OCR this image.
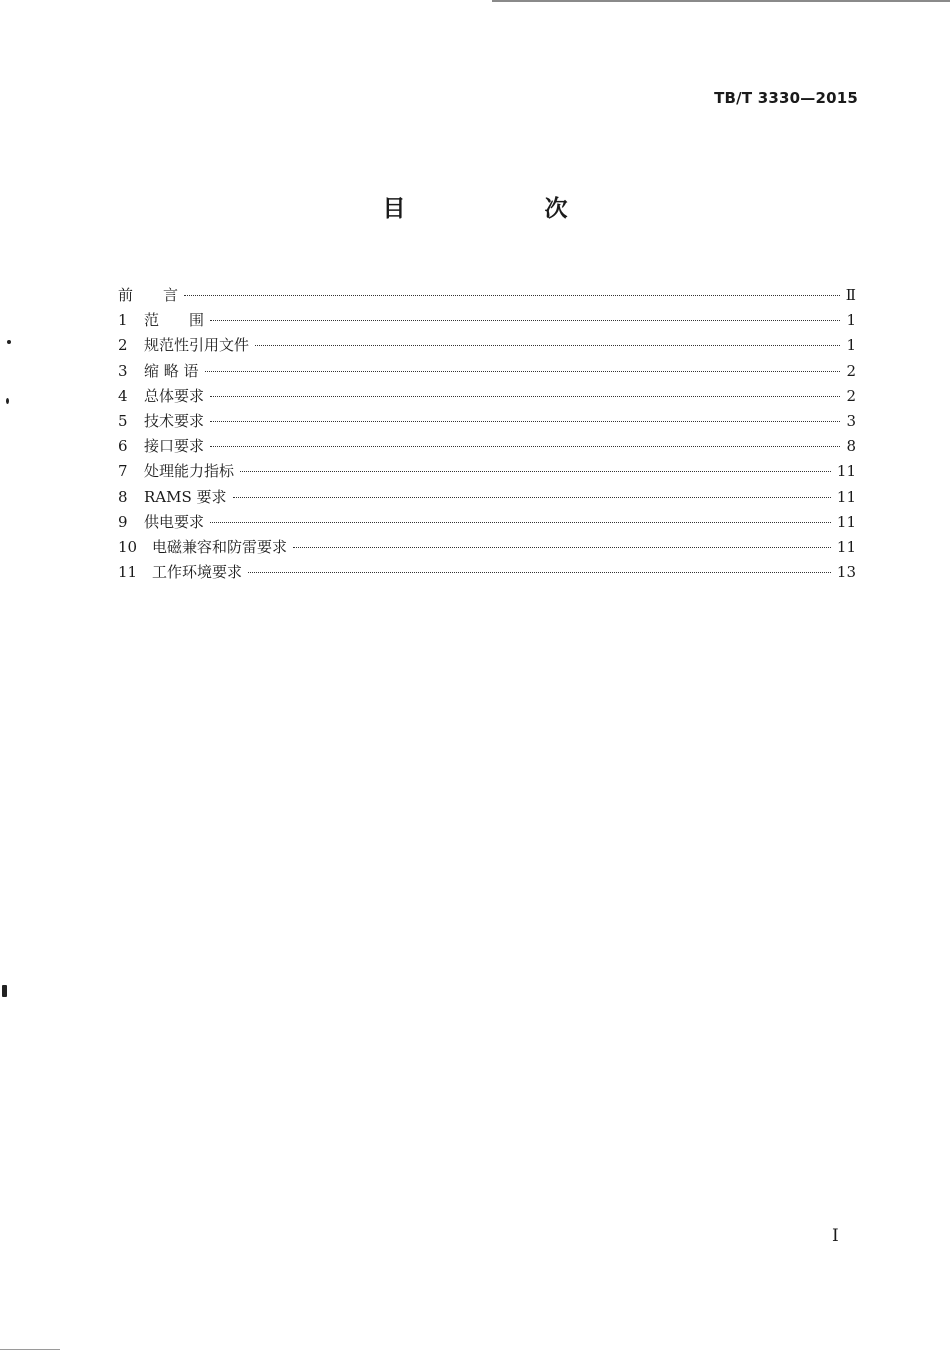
TB/T 3330—2015
目　次
前　　言	Ⅱ
1	范　　围	1
2	规范性引用文件	1
3	缩 略 语	2
4	总体要求	2
5	技术要求	3
6	接口要求	8
7	处理能力指标	11
8	RAMS 要求	11
9	供电要求	11
10 电磁兼容和防雷要求	11
11 工作环境要求	13
I
